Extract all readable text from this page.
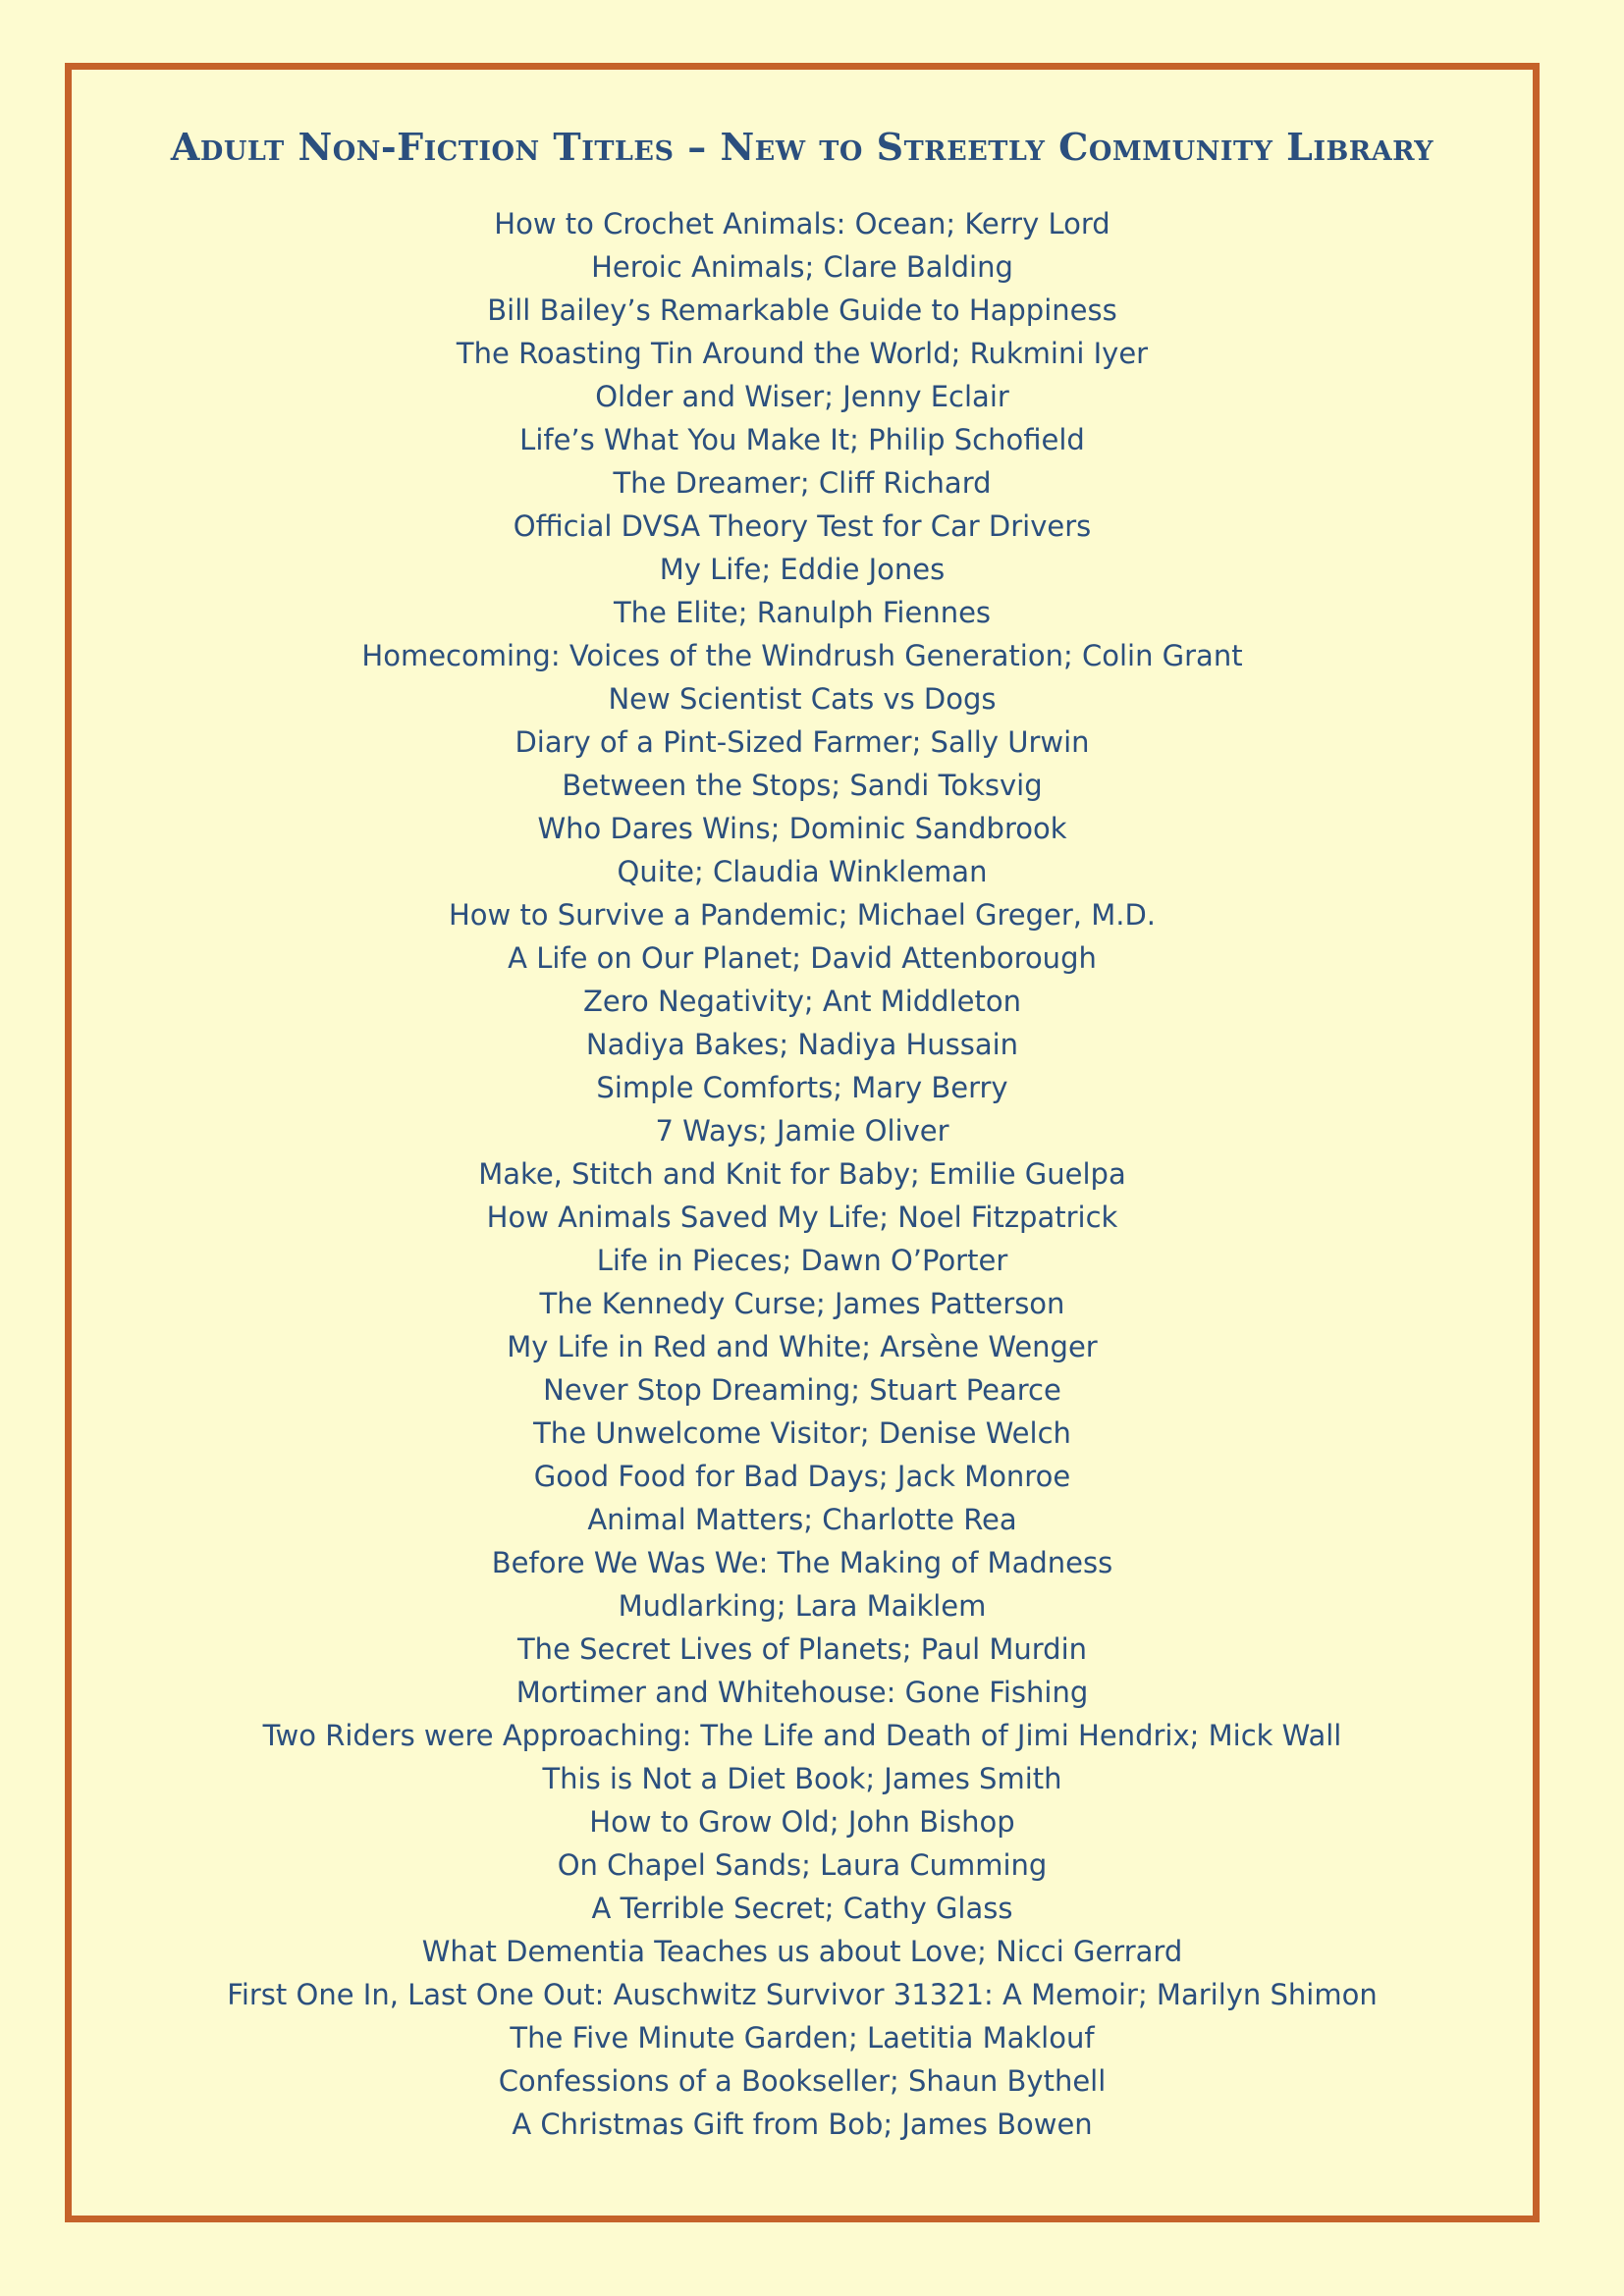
Adult Non-Fiction Titles – New to Streetly Community Library
How to Crochet Animals: Ocean; Kerry Lord
Heroic Animals; Clare Balding
Bill Bailey’s Remarkable Guide to Happiness
The Roasting Tin Around the World; Rukmini Iyer
Older and Wiser; Jenny Eclair
Life’s What You Make It; Philip Schofield
The Dreamer; Cliff Richard
Official DVSA Theory Test for Car Drivers
My Life; Eddie Jones
The Elite; Ranulph Fiennes
Homecoming: Voices of the Windrush Generation; Colin Grant
New Scientist Cats vs Dogs
Diary of a Pint-Sized Farmer; Sally Urwin
Between the Stops; Sandi Toksvig
Who Dares Wins; Dominic Sandbrook
Quite; Claudia Winkleman
How to Survive a Pandemic; Michael Greger, M.D.
A Life on Our Planet; David Attenborough
Zero Negativity; Ant Middleton
Nadiya Bakes; Nadiya Hussain
Simple Comforts; Mary Berry
7 Ways; Jamie Oliver
Make, Stitch and Knit for Baby; Emilie Guelpa
How Animals Saved My Life; Noel Fitzpatrick
Life in Pieces; Dawn O’Porter
The Kennedy Curse; James Patterson
My Life in Red and White; Arsène Wenger
Never Stop Dreaming; Stuart Pearce
The Unwelcome Visitor; Denise Welch
Good Food for Bad Days; Jack Monroe
Animal Matters; Charlotte Rea
Before We Was We: The Making of Madness
Mudlarking; Lara Maiklem
The Secret Lives of Planets; Paul Murdin
Mortimer and Whitehouse: Gone Fishing
Two Riders were Approaching: The Life and Death of Jimi Hendrix; Mick Wall
This is Not a Diet Book; James Smith
How to Grow Old; John Bishop
On Chapel Sands; Laura Cumming
A Terrible Secret; Cathy Glass
What Dementia Teaches us about Love; Nicci Gerrard
First One In, Last One Out: Auschwitz Survivor 31321: A Memoir; Marilyn Shimon
The Five Minute Garden; Laetitia Maklouf
Confessions of a Bookseller; Shaun Bythell
A Christmas Gift from Bob; James Bowen
